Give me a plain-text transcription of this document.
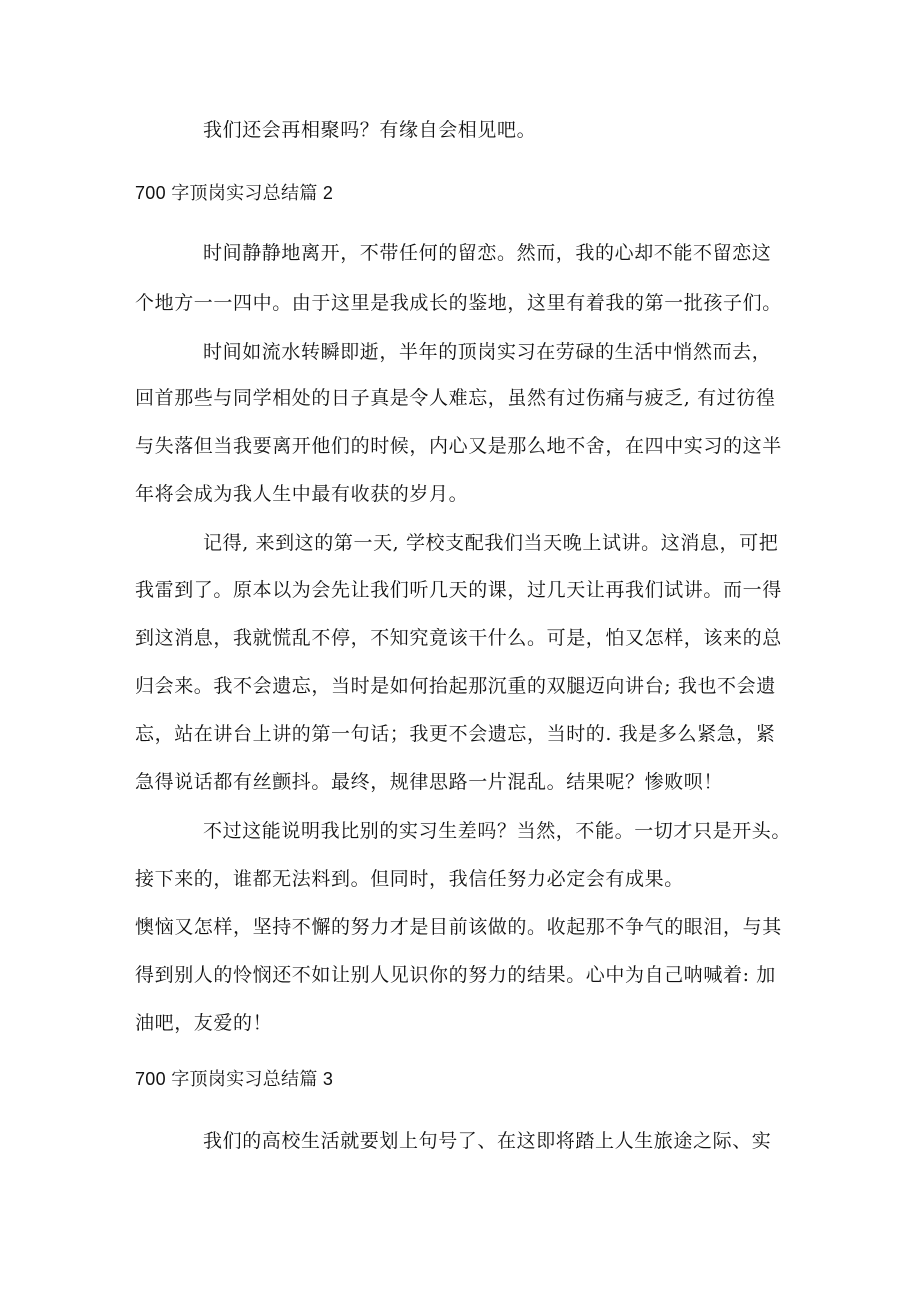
我们还会再相聚吗？有缘自会相见吧。
700 字顶岗实习总结篇 2
时间静静地离开，不带任何的留恋。然而，我的心却不能不留恋这
个地方一一四中。由于这里是我成长的鉴地，这里有着我的第一批孩子们。
时间如流水转瞬即逝，半年的顶岗实习在劳碌的生活中悄然而去，
回首那些与同学相处的日子真是令人难忘，虽然有过伤痛与疲乏, 有过彷徨
与失落但当我要离开他们的时候，内心又是那么地不舍，在四中实习的这半
年将会成为我人生中最有收获的岁月。
记得, 来到这的第一天, 学校支配我们当天晚上试讲。这消息，可把
我雷到了。原本以为会先让我们听几天的课，过几天让再我们试讲。而一得
到这消息，我就慌乱不停，不知究竟该干什么。可是，怕又怎样，该来的总
归会来。我不会遗忘，当时是如何抬起那沉重的双腿迈向讲台; 我也不会遗
忘，站在讲台上讲的第一句话；我更不会遗忘，当时的. 我是多么紧急，紧
急得说话都有丝颤抖。最终，规律思路一片混乱。结果呢？惨败呗！
不过这能说明我比别的实习生差吗？当然，不能。一切才只是开头。
接下来的，谁都无法料到。但同时，我信任努力必定会有成果。
懊恼又怎样，坚持不懈的努力才是目前该做的。收起那不争气的眼泪，与其
得到别人的怜悯还不如让别人见识你的努力的结果。心中为自己呐喊着: 加
油吧，友爱的！
700 字顶岗实习总结篇 3
我们的高校生活就要划上句号了、在这即将踏上人生旅途之际、实
